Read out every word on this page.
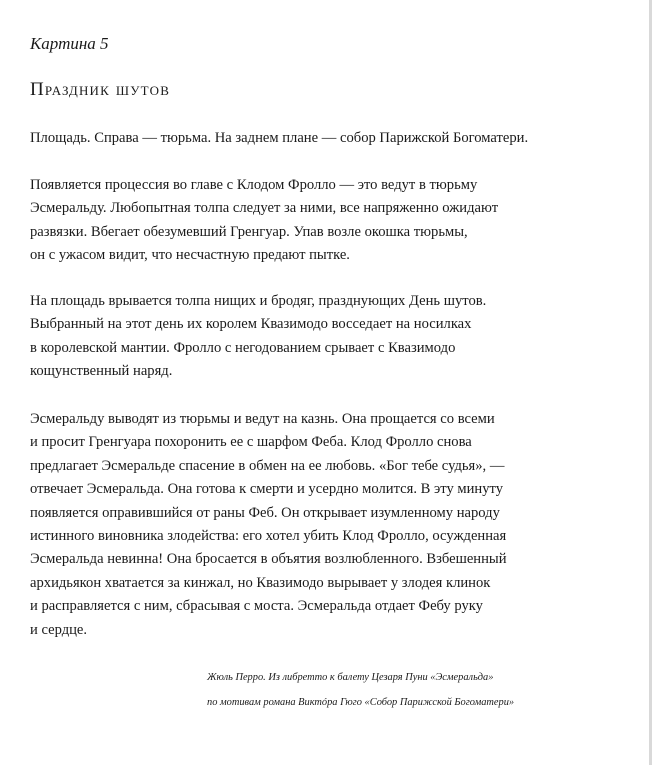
Картина 5

Праздник шутов

Площадь. Справа — тюрьма. На заднем плане — собор Парижской Богоматери.

Появляется процессия во главе с Клодом Фролло — это ведут в тюрьму
Эсмеральду. Любопытная толпа следует за ними, все напряженно ожидают
развязки. Вбегает обезумевший Гренгуар. Упав возле окошка тюрьмы,
он с ужасом видит, что несчастную предают пытке.

На площадь врывается толпа нищих и бродяг, празднующих День шутов.
Выбранный на этот день их королем Квазимодо восседает на носилках
в королевской мантии. Фролло с негодованием срывает с Квазимодо
кощунственный наряд.

Эсмеральду выводят из тюрьмы и ведут на казнь. Она прощается со всеми
и просит Гренгуара похоронить ее с шарфом Феба. Клод Фролло снова
предлагает Эсмеральде спасение в обмен на ее любовь. «Бог тебе судья», —
отвечает Эсмеральда. Она готова к смерти и усердно молится. В эту минуту
появляется оправившийся от раны Феб. Он открывает изумленному народу
истинного виновника злодейства: его хотел убить Клод Фролло, осужденная
Эсмеральда невинна! Она бросается в объятия возлюбленного. Взбешенный
архидьякон хватается за кинжал, но Квазимодо вырывает у злодея клинок
и расправляется с ним, сбрасывая с моста. Эсмеральда отдает Фебу руку
и сердце.

Жюль Перро. Из либретто к балету Цезаря Пуни «Эсмеральда»

по мотивам романа Виктóра Гюго «Собор Парижской Богоматери»
